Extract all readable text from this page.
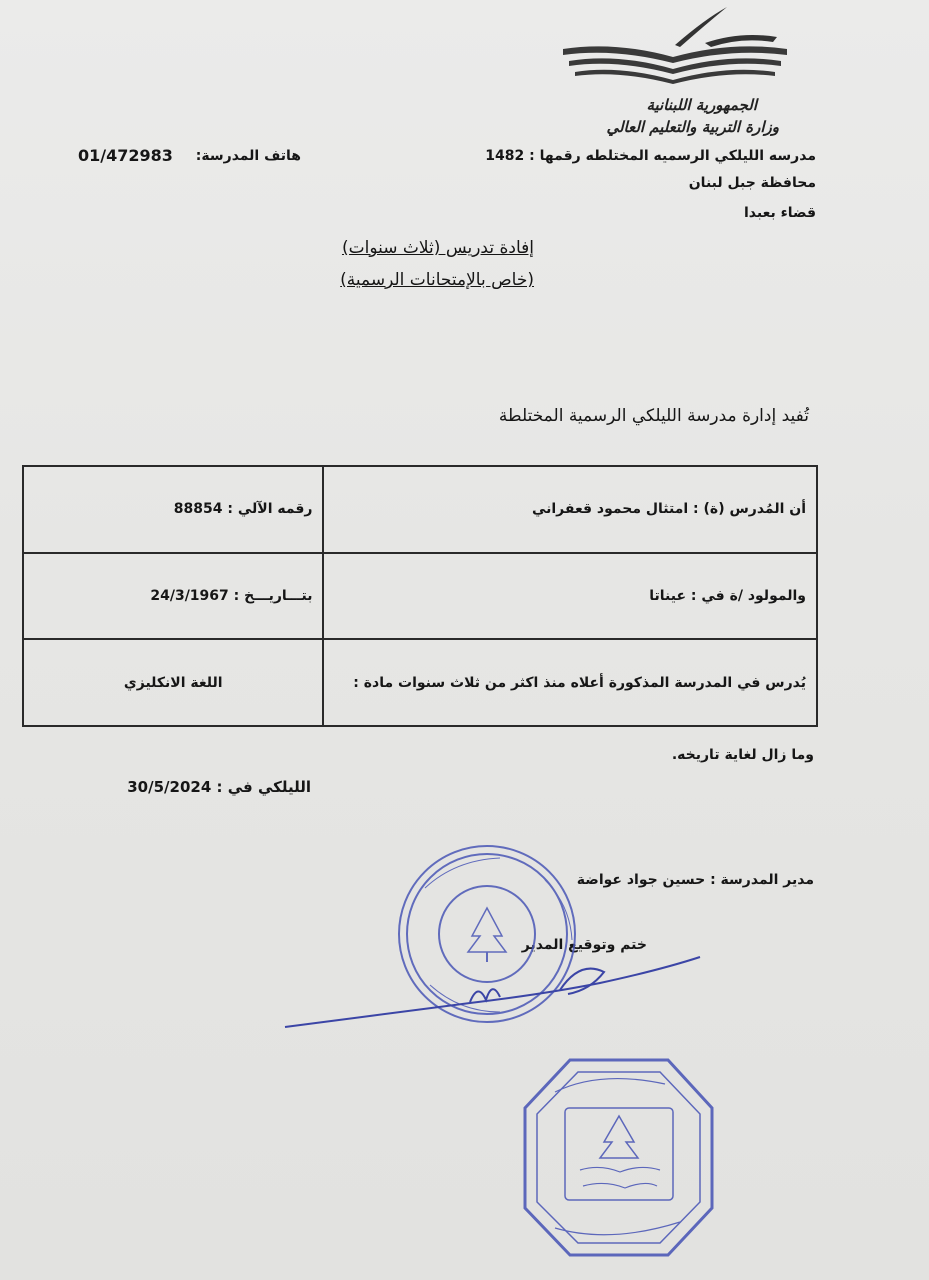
الجمهورية اللبنانية
وزارة التربية والتعليم العالي
مدرسه الليلكي الرسميه المختلطه رقمها : 1482
محافظة جبل لبنان
قضاء بعبدا
هاتف المدرسة:
01/472983
إفادة تدريس (ثلاث سنوات)
(خاص بالإمتحانات الرسمية)
تُفيد إدارة مدرسة الليلكي الرسمية المختلطة
أن المُدرس (ة) : امتثال محمود قعفراني	رقمه الآلي : 88854
والمولود /ة في : عيناتا	بتـــاريـــخ : 24/3/1967
يُدرس في المدرسة المذكورة أعلاه منذ اكثر من ثلاث سنوات مادة :	اللغة الانكليزي
وما زال لغاية تاريخه.
الليلكي في : 30/5/2024
مدير المدرسة : حسين جواد عواضة
ختم وتوقيع المدير
